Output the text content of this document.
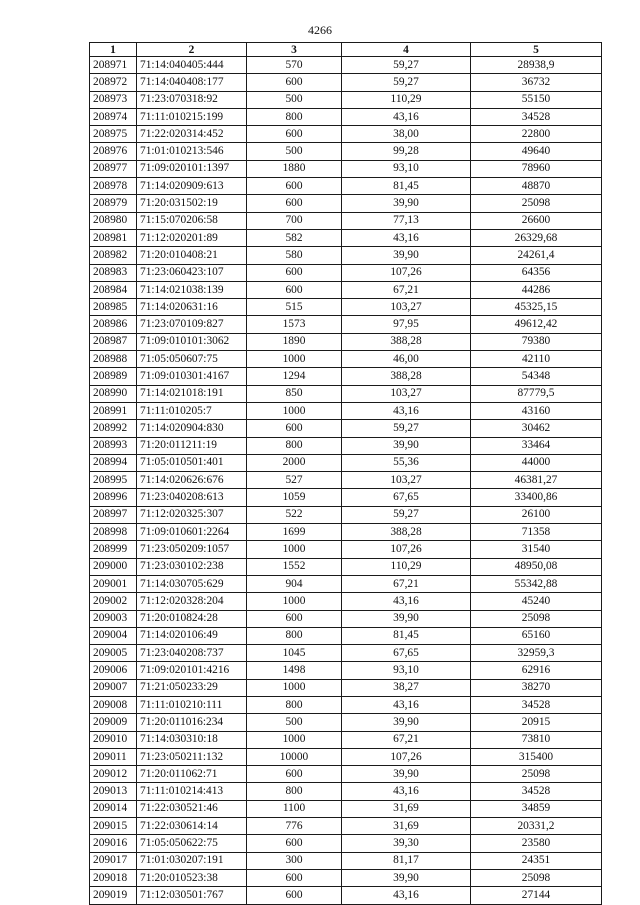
4266
1	2	3	4	5
208971	71:14:040405:444	570	59,27	28938,9
208972	71:14:040408:177	600	59,27	36732
208973	71:23:070318:92	500	110,29	55150
208974	71:11:010215:199	800	43,16	34528
208975	71:22:020314:452	600	38,00	22800
208976	71:01:010213:546	500	99,28	49640
208977	71:09:020101:1397	1880	93,10	78960
208978	71:14:020909:613	600	81,45	48870
208979	71:20:031502:19	600	39,90	25098
208980	71:15:070206:58	700	77,13	26600
208981	71:12:020201:89	582	43,16	26329,68
208982	71:20:010408:21	580	39,90	24261,4
208983	71:23:060423:107	600	107,26	64356
208984	71:14:021038:139	600	67,21	44286
208985	71:14:020631:16	515	103,27	45325,15
208986	71:23:070109:827	1573	97,95	49612,42
208987	71:09:010101:3062	1890	388,28	79380
208988	71:05:050607:75	1000	46,00	42110
208989	71:09:010301:4167	1294	388,28	54348
208990	71:14:021018:191	850	103,27	87779,5
208991	71:11:010205:7	1000	43,16	43160
208992	71:14:020904:830	600	59,27	30462
208993	71:20:011211:19	800	39,90	33464
208994	71:05:010501:401	2000	55,36	44000
208995	71:14:020626:676	527	103,27	46381,27
208996	71:23:040208:613	1059	67,65	33400,86
208997	71:12:020325:307	522	59,27	26100
208998	71:09:010601:2264	1699	388,28	71358
208999	71:23:050209:1057	1000	107,26	31540
209000	71:23:030102:238	1552	110,29	48950,08
209001	71:14:030705:629	904	67,21	55342,88
209002	71:12:020328:204	1000	43,16	45240
209003	71:20:010824:28	600	39,90	25098
209004	71:14:020106:49	800	81,45	65160
209005	71:23:040208:737	1045	67,65	32959,3
209006	71:09:020101:4216	1498	93,10	62916
209007	71:21:050233:29	1000	38,27	38270
209008	71:11:010210:111	800	43,16	34528
209009	71:20:011016:234	500	39,90	20915
209010	71:14:030310:18	1000	67,21	73810
209011	71:23:050211:132	10000	107,26	315400
209012	71:20:011062:71	600	39,90	25098
209013	71:11:010214:413	800	43,16	34528
209014	71:22:030521:46	1100	31,69	34859
209015	71:22:030614:14	776	31,69	20331,2
209016	71:05:050622:75	600	39,30	23580
209017	71:01:030207:191	300	81,17	24351
209018	71:20:010523:38	600	39,90	25098
209019	71:12:030501:767	600	43,16	27144
